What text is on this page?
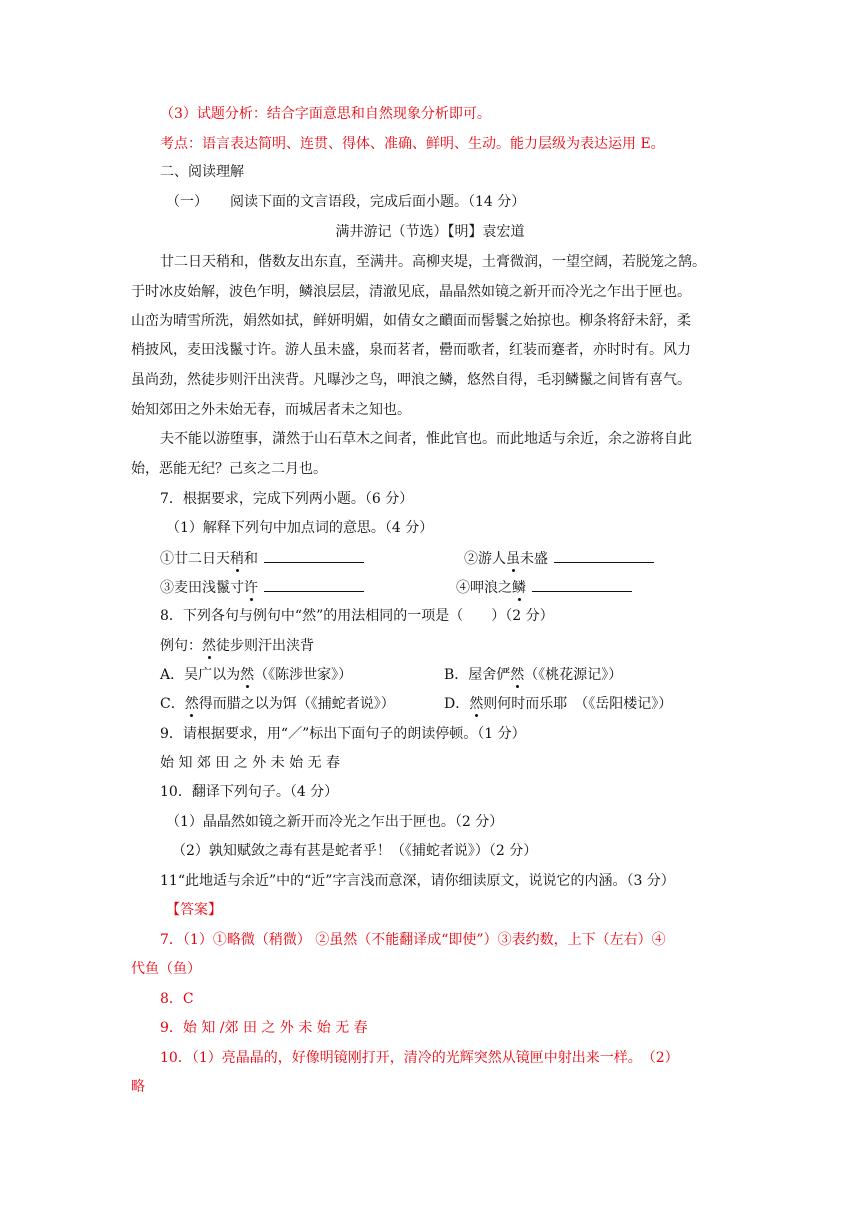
（3）试题分析：结合字面意思和自然现象分析即可。
考点：语言表达简明、连贯、得体、准确、鲜明、生动。能力层级为表达运用 E。
二、阅读理解
（一） 阅读下面的文言语段，完成后面小题。（14 分）
满井游记（节选）【明】袁宏道
廿二日天稍和，偕数友出东直，至满井。高柳夹堤，土膏微润，一望空阔，若脱笼之鹄。
于时冰皮始解，波色乍明，鳞浪层层，清澈见底，晶晶然如镜之新开而冷光之乍出于匣也。
山峦为晴雪所洗，娟然如拭，鲜妍明媚，如倩女之靧面而髻鬟之始掠也。柳条将舒未舒，柔
梢披风，麦田浅鬣寸许。游人虽未盛，泉而茗者，罍而歌者，红装而蹇者，亦时时有。风力
虽尚劲，然徒步则汗出浃背。凡曝沙之鸟，呷浪之鳞，悠然自得，毛羽鳞鬣之间皆有喜气。
始知郊田之外未始无春，而城居者未之知也。
夫不能以游堕事，潇然于山石草木之间者，惟此官也。而此地适与余近，余之游将自此
始，恶能无纪？己亥之二月也。
7．根据要求，完成下列两小题。（6 分）
（1）解释下列句中加点词的意思。（4 分）
①廿二日天稍和	②游人虽未盛
③麦田浅鬣寸许	④呷浪之鳞
8．下列各句与例句中“然”的用法相同的一项是（　　）（2 分）
例句：然徒步则汗出浃背
A．吴广以为然（《陈涉世家》）	B．屋舍俨然（《桃花源记》）
C．然得而腊之以为饵（《捕蛇者说》）	D．然则何时而乐耶　（《岳阳楼记》）
9．请根据要求，用“／”标出下面句子的朗读停顿。（1 分）
始 知 郊 田 之 外 未 始 无 春
10．翻译下列句子。（4 分）
（1）晶晶然如镜之新开而冷光之乍出于匣也。（2 分）
（2）孰知赋敛之毒有甚是蛇者乎！（《捕蛇者说》）（2 分）
11“此地适与余近”中的“近”字言浅而意深，请你细读原文，说说它的内涵。（3 分）
【答案】
7．（1）①略微（稍微） ②虽然（不能翻译成“即使”）③表约数，上下（左右）④
代鱼（鱼）
8．C
9．始 知 /郊 田 之 外 未 始 无 春
10．（1）亮晶晶的，好像明镜刚打开，清冷的光辉突然从镜匣中射出来一样。　（2）
略
